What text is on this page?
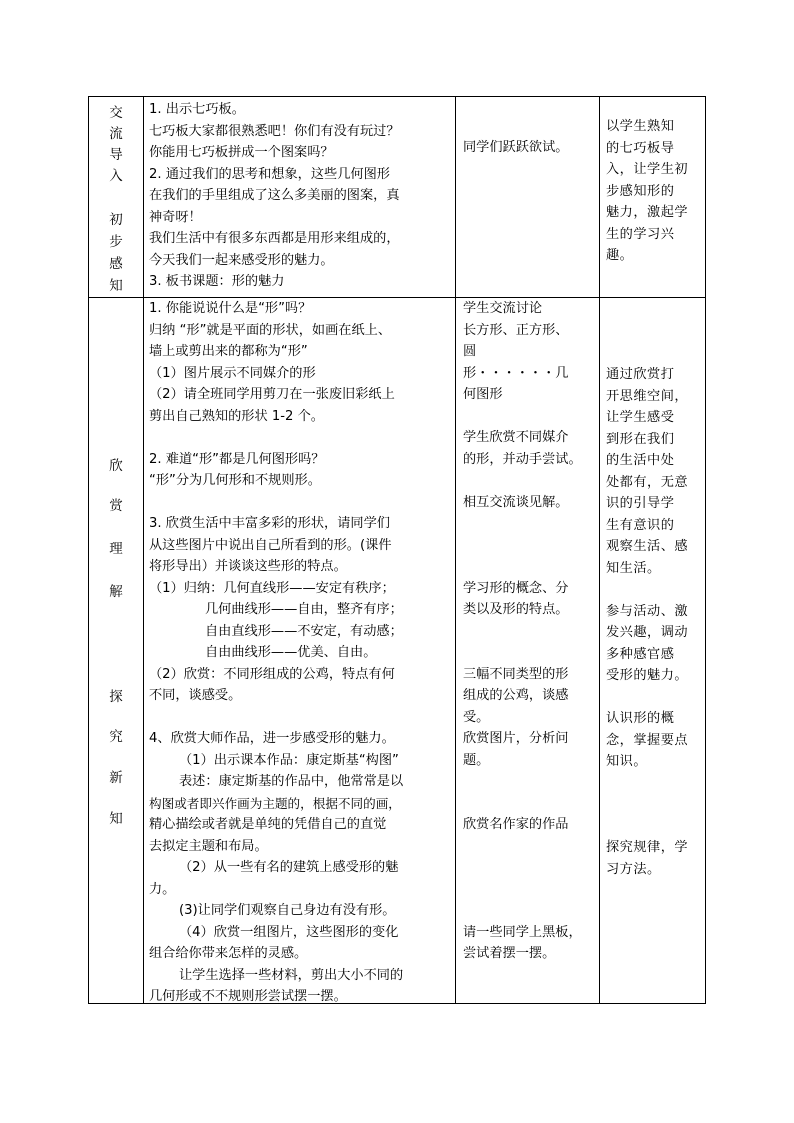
交
流
导
入
初
步
感
知

1. 出示七巧板。

七巧板大家都很熟悉吧！你们有没有玩过？

你能用七巧板拼成一个图案吗？

2. 通过我们的思考和想象，这些几何图形

在我们的手里组成了这么多美丽的图案，真

神奇呀！

我们生活中有很多东西都是用形来组成的，

今天我们一起来感受形的魅力。

3. 板书课题：形的魅力

同学们跃跃欲试。

以学生熟知

的七巧板导

入，让学生初

步感知形的

魅力，激起学

生的学习兴

趣。

欣
赏
理
解
探
究
新
知

1. 你能说说什么是“形”吗？

归纳 “形”就是平面的形状，如画在纸上、

墙上或剪出来的都称为“形”

（1）图片展示不同媒介的形

（2）请全班同学用剪刀在一张废旧彩纸上

剪出自己熟知的形状 1-2 个。

2. 难道“形”都是几何图形吗？

“形”分为几何形和不规则形。

3. 欣赏生活中丰富多彩的形状，请同学们

从这些图片中说出自己所看到的形。(课件

将形导出）并谈谈这些形的特点。

（1）归纳：几何直线形——安定有秩序；

几何曲线形——自由，整齐有序；

自由直线形——不安定，有动感；

自由曲线形——优美、自由。

（2）欣赏：不同形组成的公鸡，特点有何

不同，谈感受。

4、欣赏大师作品，进一步感受形的魅力。

（1）出示课本作品：康定斯基“构图”

表述：康定斯基的作品中，他常常是以

构图或者即兴作画为主题的，根据不同的画，

精心描绘或者就是单纯的凭借自己的直觉

去拟定主题和布局。

（2）从一些有名的建筑上感受形的魅

力。

(3)让同学们观察自己身边有没有形。

（4）欣赏一组图片，这些图形的变化

组合给你带来怎样的灵感。

让学生选择一些材料，剪出大小不同的

几何形或不不规则形尝试摆一摆。

学生交流讨论

长方形、正方形、

圆

形・・・・・・几

何图形

学生欣赏不同媒介

的形，并动手尝试。

相互交流谈见解。

学习形的概念、分

类以及形的特点。

三幅不同类型的形

组成的公鸡，谈感

受。

欣赏图片，分析问

题。

欣赏名作家的作品

请一些同学上黑板，

尝试着摆一摆。

通过欣赏打

开思维空间，

让学生感受

到形在我们

的生活中处

处都有，无意

识的引导学

生有意识的

观察生活、感

知生活。

参与活动、激

发兴趣，调动

多种感官感

受形的魅力。

认识形的概

念，掌握要点

知识。

探究规律，学

习方法。
